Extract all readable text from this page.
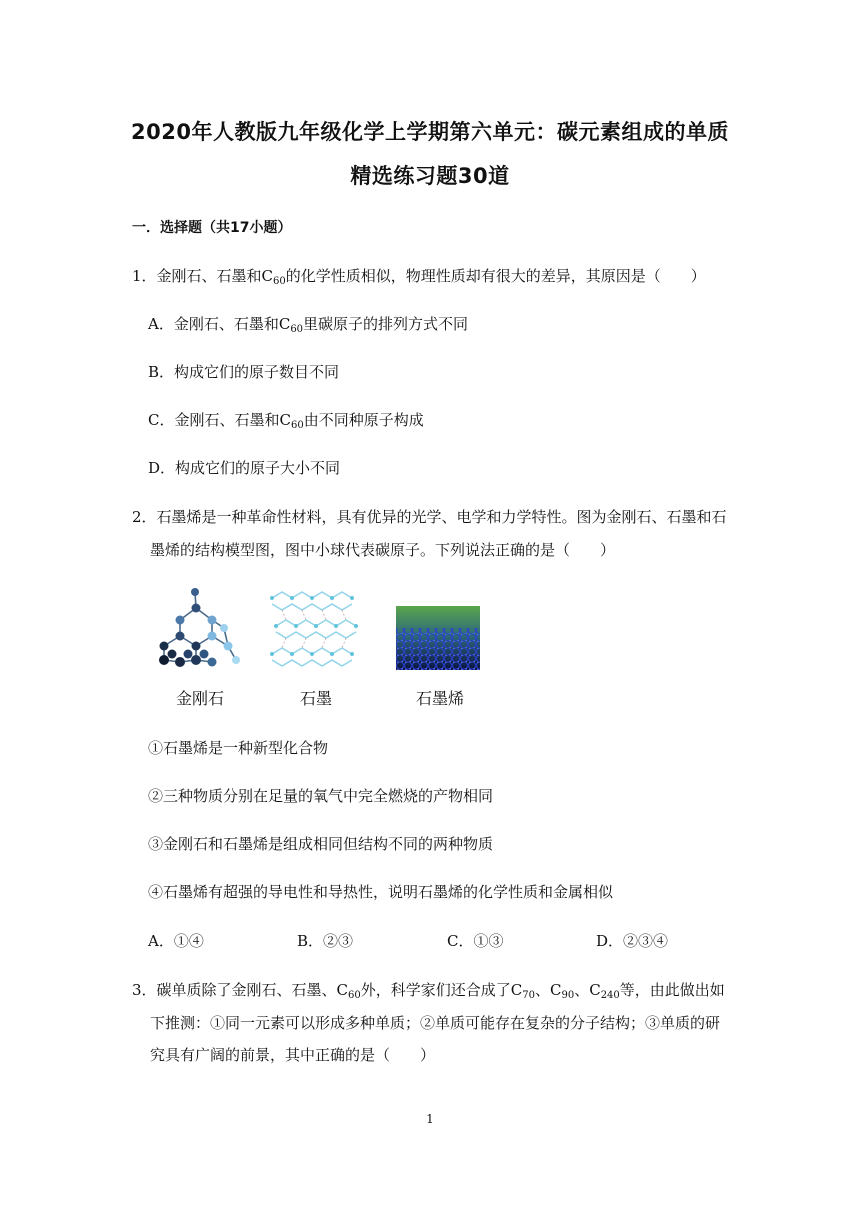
2020年人教版九年级化学上学期第六单元：碳元素组成的单质
精选练习题30道
一．选择题（共17小题）
1．金刚石、石墨和$C_{60}$的化学性质相似，物理性质却有很大的差异，其原因是（　　）
A．金刚石、石墨和$C_{60}$里碳原子的排列方式不同
B．构成它们的原子数目不同
C．金刚石、石墨和$C_{60}$由不同种原子构成
D．构成它们的原子大小不同
2．石墨烯是一种革命性材料，具有优异的光学、电学和力学特性。图为金刚石、石墨和石
墨烯的结构模型图，图中小球代表碳原子。下列说法正确的是（　　）
金刚石	石墨	石墨烯
①石墨烯是一种新型化合物
②三种物质分别在足量的氧气中完全燃烧的产物相同
③金刚石和石墨烯是组成相同但结构不同的两种物质
④石墨烯有超强的导电性和导热性，说明石墨烯的化学性质和金属相似
A．①④	B．②③	C．①③	D．②③④
3．碳单质除了金刚石、石墨、$C_{60}$外，科学家们还合成了$C_{70}$、$C_{90}$、$C_{240}$等，由此做出如
下推测：①同一元素可以形成多种单质；②单质可能存在复杂的分子结构；③单质的研
究具有广阔的前景，其中正确的是（　　）
1
